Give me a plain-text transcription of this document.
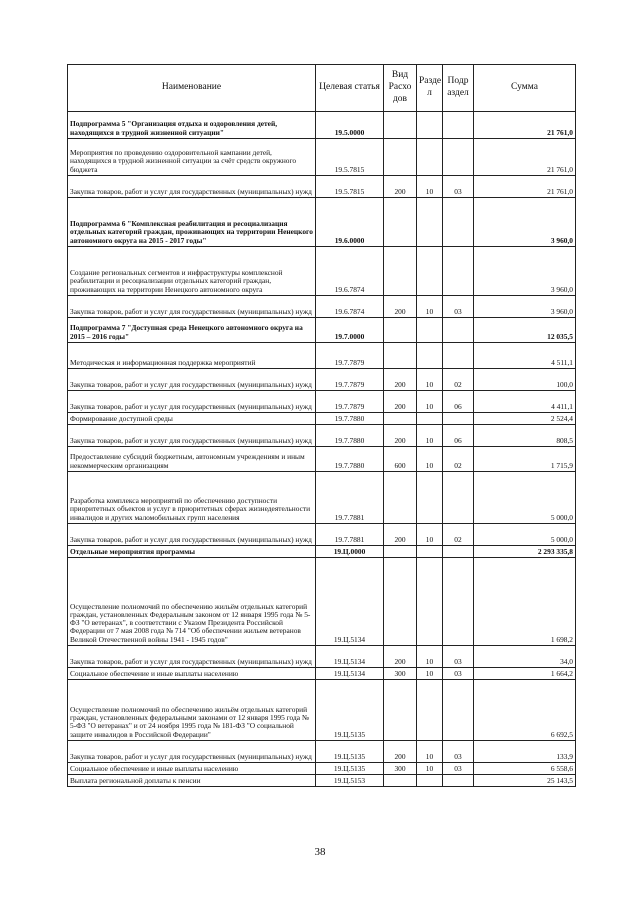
Наименование	Целевая статья	Вид Расхо дов	Разде л	Подр аздел	Сумма
Подпрограмма 5 "Организация отдыха и оздоровления детей, находящихся в трудной жизненной ситуации"	19.5.0000				21 761,0
Мероприятия по проведению оздоровительной кампании детей, находящихся в трудной жизненной ситуации за счёт средств окружного бюджета	19.5.7815				21 761,0
Закупка товаров, работ и услуг для государственных (муниципальных) нужд	19.5.7815	200	10	03	21 761,0
Подпрограмма 6 "Комплексная реабилитация и ресоциализация отдельных категорий граждан, проживающих на территории Ненецкого автономного округа на 2015 - 2017 годы"	19.6.0000				3 960,0
Создание региональных сегментов и инфраструктуры комплексной реабилитации и ресоциализации отдельных категорий граждан, проживающих на территории Ненецкого автономного округа	19.6.7874				3 960,0
Закупка товаров, работ и услуг для государственных (муниципальных) нужд	19.6.7874	200	10	03	3 960,0
Подпрограмма 7 "Доступная среда Ненецкого автономного округа на 2015 – 2016 годы"	19.7.0000				12 035,5
Методическая и информационная поддержка мероприятий	19.7.7879				4 511,1
Закупка товаров, работ и услуг для государственных (муниципальных) нужд	19.7.7879	200	10	02	100,0
Закупка товаров, работ и услуг для государственных (муниципальных) нужд	19.7.7879	200	10	06	4 411,1
Формирование доступной среды	19.7.7880				2 524,4
Закупка товаров, работ и услуг для государственных (муниципальных) нужд	19.7.7880	200	10	06	808,5
Предоставление субсидий бюджетным, автономным учреждениям и иным некоммерческим организациям	19.7.7880	600	10	02	1 715,9
Разработка комплекса мероприятий по обеспечению доступности приоритетных объектов и услуг в приоритетных сферах жизнедеятельности инвалидов и других маломобильных групп населения	19.7.7881				5 000,0
Закупка товаров, работ и услуг для государственных (муниципальных) нужд	19.7.7881	200	10	02	5 000,0
Отдельные мероприятия программы	19.Ц.0000				2 293 335,8
Осуществление полномочий по обеспечению жильём отдельных категорий граждан, установленных Федеральным законом от 12 января 1995 года № 5-ФЗ "О ветеранах", в соответствии с Указом Президента Российской Федерации от 7 мая 2008 года № 714 "Об обеспечении жильем ветеранов Великой Отечественной войны 1941 - 1945 годов"	19.Ц.5134				1 698,2
Закупка товаров, работ и услуг для государственных (муниципальных) нужд	19.Ц.5134	200	10	03	34,0
Социальное обеспечение и иные выплаты населению	19.Ц.5134	300	10	03	1 664,2
Осуществление полномочий по обеспечению жильём отдельных категорий граждан, установленных федеральными законами от 12 января 1995 года № 5-ФЗ "О ветеранах" и от 24 ноября 1995 года № 181-ФЗ "О социальной защите инвалидов в Российской Федерации"	19.Ц.5135				6 692,5
Закупка товаров, работ и услуг для государственных (муниципальных) нужд	19.Ц.5135	200	10	03	133,9
Социальное обеспечение и иные выплаты населению	19.Ц.5135	300	10	03	6 558,6
Выплата региональной доплаты к пенсии	19.Ц.5153				25 143,5
38
